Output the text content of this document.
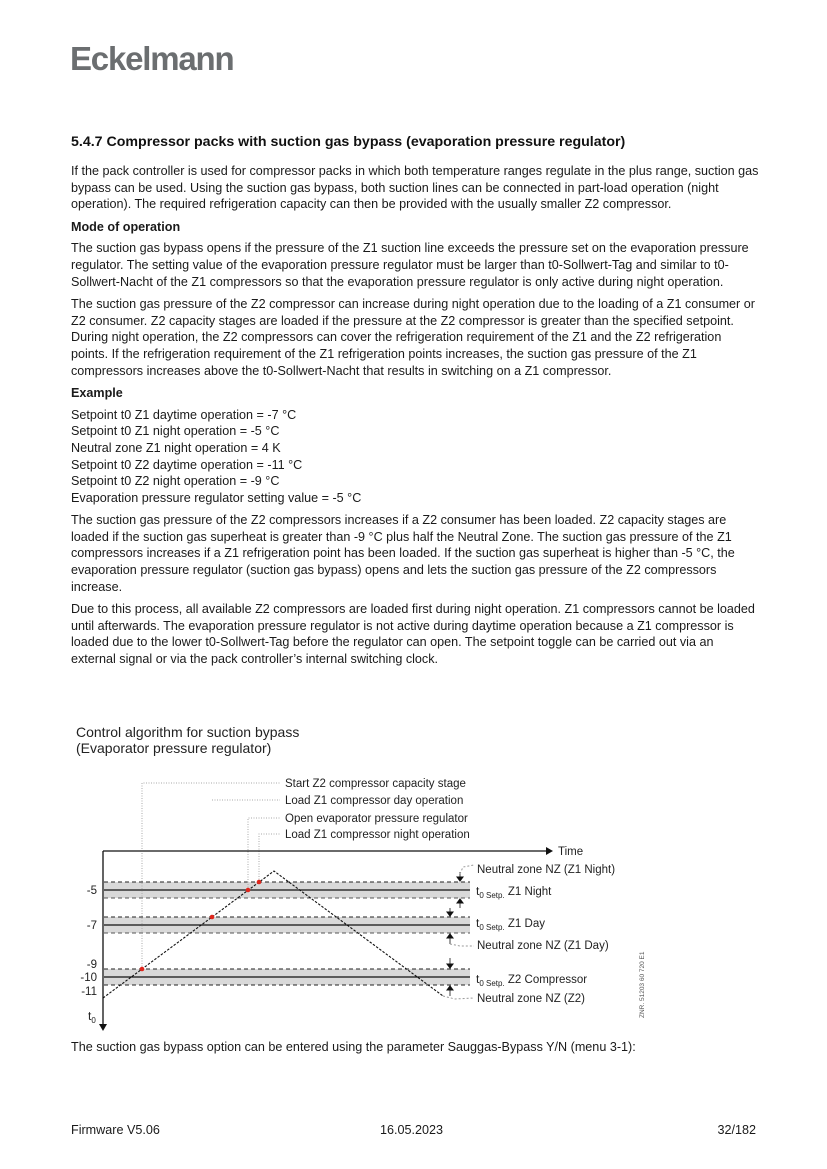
Eckelmann
5.4.7 Compressor packs with suction gas bypass (evaporation pressure regulator)

If the pack controller is used for compressor packs in which both temperature ranges regulate in the plus range, suction gas bypass can be used. Using the suction gas bypass, both suction lines can be connected in part-load operation (night operation). The required refrigeration capacity can then be provided with the usually smaller Z2 compressor.

Mode of operation

The suction gas bypass opens if the pressure of the Z1 suction line exceeds the pressure set on the evaporation pressure regulator. The setting value of the evaporation pressure regulator must be larger than t0-Sollwert-Tag and similar to t0-Sollwert-Nacht of the Z1 compressors so that the evaporation pressure regulator is only active during night operation.

The suction gas pressure of the Z2 compressor can increase during night operation due to the loading of a Z1 consumer or Z2 consumer. Z2 capacity stages are loaded if the pressure at the Z2 compressor is greater than the specified setpoint. During night operation, the Z2 compressors can cover the refrigeration requirement of the Z1 and the Z2 refrigeration points. If the refrigeration requirement of the Z1 refrigeration points increases, the suction gas pressure of the Z1 compressors increases above the t0-Sollwert-Nacht that results in switching on a Z1 compressor.

Example
Setpoint t0 Z1 daytime operation = -7 °C
Setpoint t0 Z1 night operation = -5 °C
Neutral zone Z1 night operation = 4 K
Setpoint t0 Z2 daytime operation = -11 °C
Setpoint t0 Z2 night operation = -9 °C
Evaporation pressure regulator setting value = -5 °C

The suction gas pressure of the Z2 compressors increases if a Z2 consumer has been loaded. Z2 capacity stages are loaded if the suction gas superheat is greater than -9 °C plus half the Neutral Zone. The suction gas pressure of the Z1 compressors increases if a Z1 refrigeration point has been loaded. If the suction gas superheat is higher than -5 °C, the evaporation pressure regulator (suction gas bypass) opens and lets the suction gas pressure of the Z2 compressors increase.

Due to this process, all available Z2 compressors are loaded first during night operation. Z1 compressors cannot be loaded until afterwards. The evaporation pressure regulator is not active during daytime operation because a Z1 compressor is loaded due to the lower t0-Sollwert-Tag before the regulator can open. The setpoint toggle can be carried out via an external signal or via the pack controller’s internal switching clock.

Control algorithm for suction bypass
(Evaporator pressure regulator)
Start Z2 compressor capacity stage
Load Z1 compressor day operation
Open evaporator pressure regulator
Load Z1 compressor night operation
Time
-5
-7
-9
-10
-11
$t_0$
Neutral zone NZ (Z1 Night)
$t_{0 Setp.}$ Z1 Night
$t_{0 Setp.}$ Z1 Day
Neutral zone NZ (Z1 Day)
$t_{0 Setp.}$ Z2 Compressor
Neutral zone NZ (Z2)	ZNR. 51203 60 720 E1
The suction gas bypass option can be entered using the parameter Sauggas-Bypass Y/N (menu 3-1):
Firmware V5.06	16.05.2023	32/182
